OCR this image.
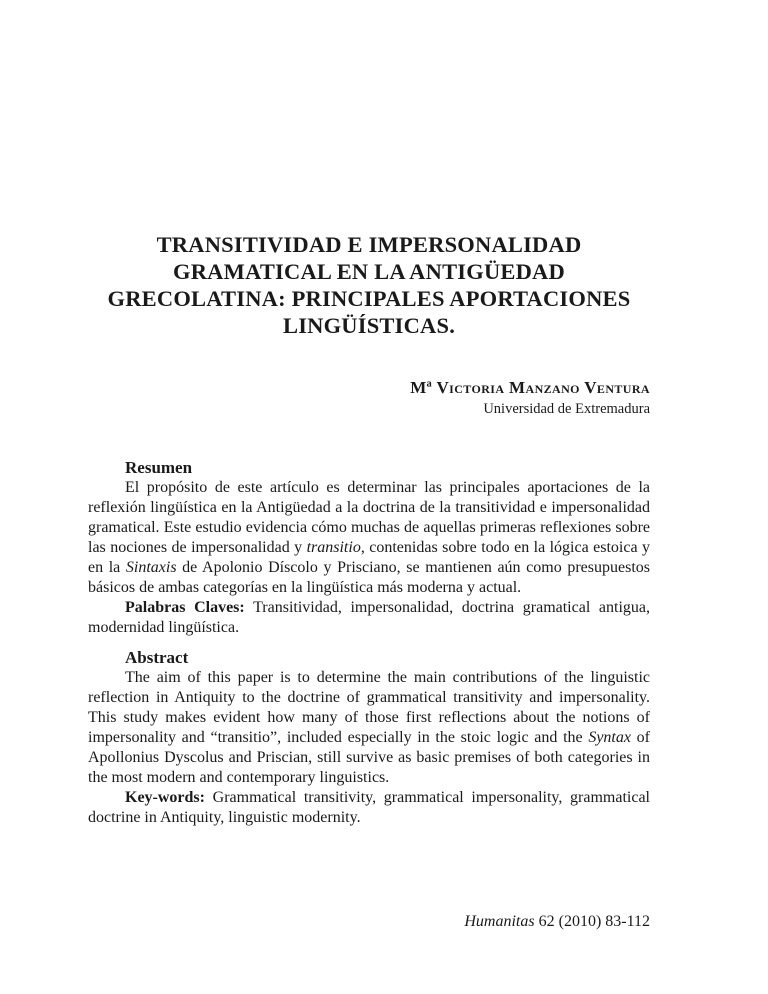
TRANSITIVIDAD E IMPERSONALIDAD
GRAMATICAL EN LA ANTIGÜEDAD
GRECOLATINA: PRINCIPALES APORTACIONES
LINGÜÍSTICAS.
Mª Victoria Manzano Ventura
Universidad de Extremadura
Resumen

El propósito de este artículo es determinar las principales aportaciones de la reflexión lingüística en la Antigüedad a la doctrina de la transitividad e impersonalidad gramatical. Este estudio evidencia cómo muchas de aquellas primeras reflexiones sobre las nociones de impersonalidad y transitio, contenidas sobre todo en la lógica estoica y en la Sintaxis de Apolonio Díscolo y Prisciano, se mantienen aún como presupuestos básicos de ambas categorías en la lingüística más moderna y actual.

Palabras Claves: Transitividad, impersonalidad, doctrina gramatical antigua, modernidad lingüística.

Abstract

The aim of this paper is to determine the main contributions of the linguistic reflection in Antiquity to the doctrine of grammatical transitivity and impersonality. This study makes evident how many of those first reflections about the notions of impersonality and “transitio”, included especially in the stoic logic and the Syntax of Apollonius Dyscolus and Priscian, still survive as basic premises of both categories in the most modern and contemporary linguistics.

Key-words: Grammatical transitivity, grammatical impersonality, grammatical doctrine in Antiquity, linguistic modernity.

Humanitas 62 (2010) 83-112
